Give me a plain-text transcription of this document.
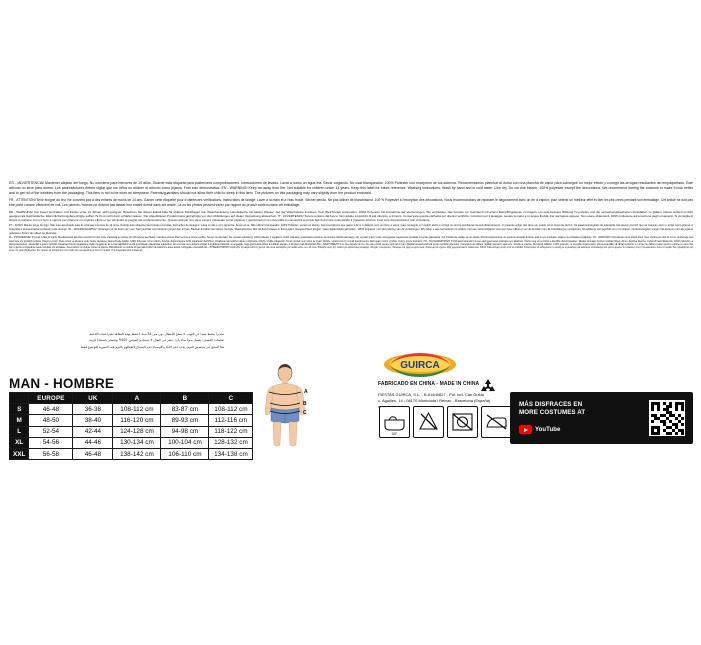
ES - ¡ADVERTENCIA! Mantener alejado del fuego. No conviene para menores de 14 años. Guarde esta etiqueta para posteriores comprobaciones. Instrucciones de lavado: Lavar a mano un agua fria. Secar colgando. No usar blanqueador. 100% Poliester con excepción de los adornos. Recomendamos planchar al dorso con una plancha de vapor para conseguir un mejor efecto y corregir las arrugas resultantes del empaquetado. Este artículo no sirve para dormir. Los padres/tutores deben vigilar que los niños no utilicen el artículo como pijama. Foto sólo demostrativa. EN - WARNING! Keep far away from fire. Not suitable for children under 14 years. Keep this label for future reference. Washing instructions: Wash by hand and in cold water. Line dry. Do not use bleach. 100% polyester except the decorations. We recommend ironing the costume to make it look better and to get rid of the wrinkles from the packaging. This item is not to be worn as sleepwear. Parents/guardians should not allow their child to sleep in this item. The pictures on this packaging may vary slightly from the product enclosed.

FR - ATTENTION! Tenir éloigné du feu. Ne convient pas à des enfants de moins de 14 ans. Garder cette étiquette pour d'ultérieures vérifications. Instructions de lavage: Laver à la main et à l'eau froide. Sécher pendu. Ne pas utiliser de blanchisseur. 100 % Polyester à l'exception des décorations. Nous recommandons de repasser le déguisement avec un fer à vapeur, pour obtenir un meilleur effet et ôter les plis créés pendant son emballage. Cet article ne doit pas être porté comme vêtement de nuit. Les parents / tuteurs ne doivent pas laisser leur enfant dormir dans cet article. La ou les photos peuvent varier par rapport au produit contenu dans cet emballage.

DE - WARNUNG! Von Feuer fernhalten. Für Kinder unter 14 Jahren nicht geeignet. Bewahren Sie dieses Etikett bitte für spätere Rückfragen auf. Waschanleitung: Handwäsche mit kaltem Wasser. Auf der Wäscheleine trocknen. Kein Bleichmittel verwenden. 100% Polyester mit Ausnahme der Verzierungen. Wir empfehlen, das Kostüm vor Gebrauch mit einem Dampfbügeleisen zu bügeln, um eine bessere Wirkung zu erzielen und die verpackungsbedingten Knickfalten zu glätten. Dieser Artikel ist nicht geeignet als Nachtwäsche. Eltern/Erziehungsberechtigte sollten ihr Kind nicht darin schlafen lassen. Die abgebildeten Produkt kann geringfügig von den Abbildungen auf dieser Verpackung abweichen. IT - AVVERTENZA! Tenere lontano dal fuoco. Non adatto a bambini di età inferiore a 14 anni. Conservare questa etichetta per ulteriori verifiche. Istruzioni per il lavaggio: Lavare à mano e in acqua fredda. Far asciugare appeso. Non usare sbiancanti. 100% poliestere ad eccezione degli ornamenti. Si consiglia di stirare il costume con un ferro a vapore per ottenere un migliore effetto e per eliminare le pieghe del confezionamento. Questo articolo non deve essere indossato come pigiama. I genitori/tutori non dovrebbero consentire a porpio figli di dormire indossando il presente articolo. Foto solo dimostrativa e non vincolante.

PT - AVISO! Manter longe do fogo. Não esta apropriado para as crianças menores de 14 anos. Guarde esta etiqueta para futuras consultas. Instruções de lavagem: Lavar à mão e com água fria. Secar ao ar. Não utilizar branqueador. 100% Poliéster, exceto os efeitos. Recomendamos que passe a ferro o disfarce com um ferro a vapor, para conseguir um melhor efeito e corrigir os vincos resultantes do acondicionamento. O presente artigo não deve ser usado como roupa de dormir. Os pais/encarregados de educação não devem permitir que as crianças usem o artigo como pijama. A fotografia é demonstrativa conteúdo pode divergir. NL - WAARSCHUWING! Ophangen uit de buurt van vuur. Niet geschikt voor kinderen jonger dan 14 jaar. Bewaar dit label voor latere controle. Wasinstructies: Met de hand wassen in koud water. Hangend laten drogen. Geen bleekmiddel gebruiken. 100% polyester met uitzondering van de versieringen. Wij raden u aan het kostuum te strijken met een stoomstrijkijzer voor een beter effect en om de kreuken van de verpakking te verwijderen. Dit artikel is niet geschikt om in te slapen. Ouders/voogden mogen het kostuum niet als pyjama gebruiken. Foto's zijn alleen ter illustratie.

PL - OSTRZEŻENIE! Trzymać z dala od ognia. Nieodpowiedni dla dzieci poniżej 14 roku życia. Zachowaj tę etykietę do późniejszej weryfikacji. Instrukcja prania: Prać ręcznie w zimnej wodzie. Suszyć na wieszaku. Nie używać wybielaczy. 100% poliester z wyjątkiem ozdób. Zalecamy prasowanie kostiumu za pomocą żelazka parowego, aby uzyskać lepszy efekt i skorygować zagniecenia powstałe w wyniku pakowania. Ten produkt nie nadaje się do spania. Rodzice/opiekunowie nie powinni pozwalać dziecku spać w tym produkcie. Zdjęcie ma charakter poglądowy. CS - VAROVÁNÍ! Uchovávejte mimo dosah ohně. Není vhodné pro děti do 14 let. Uschovejte tuto informace pro pozdější potřebu. Pokyny k praní: Perte ručně ve studené vodě. Sušte zavěšené. Nepoužívejte bělidlo. 100% Polyester mimo ozdoby. Kostým doporučujeme žehlit napařovací žehličkou, dosáhnete tak lepšího efektu a odstraníte záhyby vzniklé zabalením. Tento výrobek není určen ke spaní. Rodiče / opatrovníci by neměli dovolit svému dítěti spát v tomto výrobku. Foto je pouze ilustrační. HU - FIGYELMEZTETÉS! Tűztől távol tartandó! 14 éven aluli gyermekek számára nem alkalmas. Őrizze meg ezt a címkét a későbbi ellenőrzésekhez. Mosási útmutató: Kézzel mosható hideg vízben. Szárítsa kiterítve. Fehérítő használata tilos. 100% poliészter, a díszek kivételével. Javasoljuk a jelmez gőzölős vasalóval történő vasalását a szebb megjelenés és a csomagolásból eredő gyűrődések eltávolítása érdekében. Ez a termék nem alvásra szolgál. A szülők/gondviselők ne engedjék, hogy gyermekük ebben a ruhában aludjon. A fénykép csak illusztráció. RO - AVERTISMENT! A se ține departe de foc. Nu este potrivit pentru copii sub 14 ani. Păstrați această etichetă pentru verificări ulterioare. Instrucțiuni de spălare: Spălați manual în apă rece. Uscați pe umeraș. Nu folosiți înălbitor. 100% poliester, cu excepția ornamentelor. Vă recomandăm să călcați costumul cu un fier de călcat cu aburi pentru a obține un efect mai bun și pentru a îndepărta cutele rezultate din ambalare. Acest articol nu trebuie purtat ca pijama. Părinții/tutorii nu trebuie să permită copiilor să doarmă în acest articol. Fotografie orientativă. EL - ΠΡΟΕΙΔΟΠΟΙΗΣΗ! Κρατήστε το μακριά από τη φωτιά. Δεν είναι κατάλληλο για παιδιά κάτω των 14 ετών. Φυλάξτε αυτή την ετικέτα για μελλοντική αναφορά. Οδηγίες πλυσίματος: Πλύσιμο στο χέρι με κρύο νερό. Στέγνωμα σε σχοινί. Μην χρησιμοποιείτε λευκαντικό. 100% πολυεστέρας εκτός από τα στολίδια. Συνιστούμε να σιδερώσετε τη στολή με ατμοσίδερο για καλύτερο αποτέλεσμα και για να φύγουν οι τσακίσεις από τη συσκευασία. Αυτό το προϊόν δεν προορίζεται για ύπνο. Οι γονείς/κηδεμόνες δεν πρέπει να επιτρέπουν στο παιδί τους να κοιμάται με αυτό το προϊόν. Η φωτογραφία είναι ενδεικτική.

تحذير! يحفظ بعيدا عن اللهب. لا يصلح للأطفال دون سن 14 سنة. احتفظ بهذه البطاقة للمراجعات اللاحقة.

تعليمات الغسيل: يغسل يدويا بماء بارد. ينشر في الظل. لا تستخدم المبيض. 100% بوليستر باستثناء الزينة.

هذا المنتج غير مخصص للنوم. يجب على الآباء والأوصياء عدم السماح لأطفالهم بالنوم فيه. الصورة للتوضيح فقط.

MAN - HOMBRE
	EUROPE	UK	A	B	C
S	46-48	36-38	108-112 cm	83-87 cm	108-112 cm
M	48-50	38-40	116-120 cm	89-93 cm	112-116 cm
L	52-54	42-44	124-128 cm	94-98 cm	118-122 cm
XL	54-56	44-46	130-134 cm	100-104 cm	128-132 cm
XXL	56-58	46-48	138-142 cm	106-110 cm	134-138 cm
A
B
C
GUIRCA
FABRICADO EN CHINA - MADE IN CHINA
FIESTAS GUIRCA, S.L. - B-61640827 - Pol. ind. Can Guida
c. Aguilles, 14 - 08170 Montcada i Reixac - Barcelona (España)
30°
MÁS DISFRACES EN
MORE COSTUMES AT
YouTube
